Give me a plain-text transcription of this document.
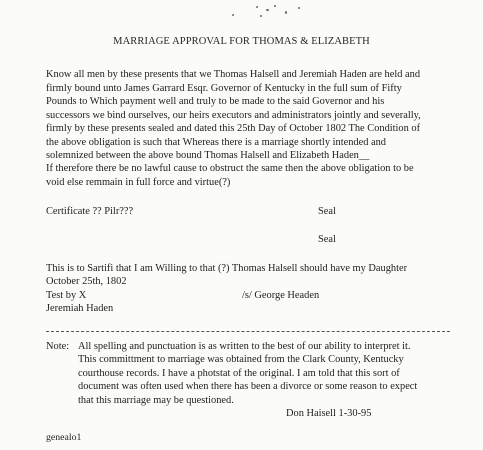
MARRIAGE APPROVAL FOR THOMAS & ELIZABETH
Know all men by these presents that we Thomas Halsell and Jeremiah Haden are held and
firmly bound unto James Garrard Esqr. Governor of Kentucky in the full sum of Fifty
Pounds to Which payment well and truly to be made to the said Governor and his
successors we bind ourselves, our heirs executors and administrators jointly and severally,
firmly by these presents sealed and dated this 25th Day of October 1802 The Condition of
the above obligation is such that Whereas there is a marriage shortly intended and
solemnized between the above bound Thomas Halsell and Elizabeth Haden__
If therefore there be no lawful cause to obstruct the same then the above obligation to be
void else remmain in full force and virtue(?)
Certificate ?? Pilr???	Seal
Seal
This is to Sartifi that I am Willing to that (?) Thomas Halsell should have my Daughter
October 25th, 1802
Test by X	/s/ George Headen
Jeremiah Haden
Note: All spelling and punctuation is as written to the best of our ability to interpret it.
This committment to marriage was obtained from the Clark County, Kentucky
courthouse records. I have a photstat of the original. I am told that this sort of
document was often used when there has been a divorce or some reason to expect
that this marriage may be questioned.
Don Haisell 1-30-95
genealo1
